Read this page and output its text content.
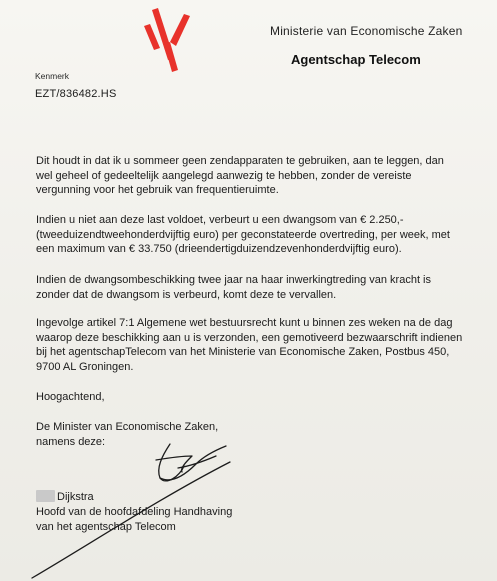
Ministerie van Economische Zaken
Agentschap Telecom
Kenmerk
EZT/836482.HS

Dit houdt in dat ik u sommeer geen zendapparaten te gebruiken, aan te leggen, dan
wel geheel of gedeeltelijk aangelegd aanwezig te hebben, zonder de vereiste
vergunning voor het gebruik van frequentieruimte.

Indien u niet aan deze last voldoet, verbeurt u een dwangsom van € 2.250,-
(tweeduizendtweehonderdvijftig euro) per geconstateerde overtreding, per week, met
een maximum van € 33.750 (drieendertigduizendzevenhonderdvijftig euro).

Indien de dwangsombeschikking twee jaar na haar inwerkingtreding van kracht is
zonder dat de dwangsom is verbeurd, komt deze te vervallen.

Ingevolge artikel 7:1 Algemene wet bestuursrecht kunt u binnen zes weken na de dag
waarop deze beschikking aan u is verzonden, een gemotiveerd bezwaarschrift indienen
bij het agentschapTelecom van het Ministerie van Economische Zaken, Postbus 450,
9700 AL Groningen.

Hoogachtend,
De Minister van Economische Zaken,
namens deze:
Dijkstra
Hoofd van de hoofdafdeling Handhaving
van het agentschap Telecom
